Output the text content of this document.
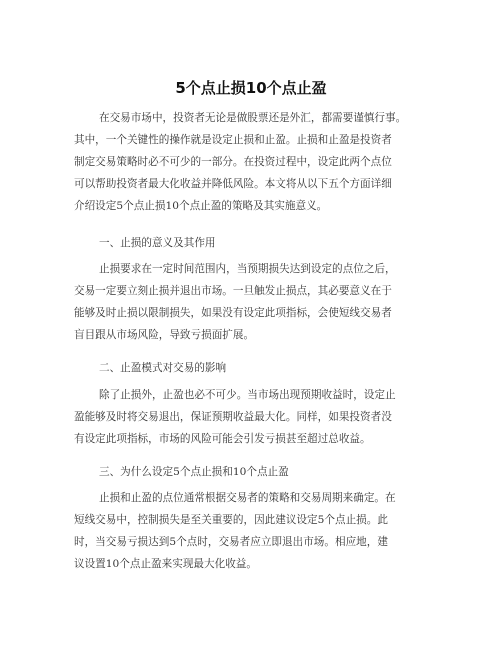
5个点止损10个点止盈
在交易市场中，投资者无论是做股票还是外汇，都需要谨慎行事。
其中，一个关键性的操作就是设定止损和止盈。止损和止盈是投资者
制定交易策略时必不可少的一部分。在投资过程中，设定此两个点位
可以帮助投资者最大化收益并降低风险。本文将从以下五个方面详细
介绍设定5个点止损10个点止盈的策略及其实施意义。
一、止损的意义及其作用
止损要求在一定时间范围内，当预期损失达到设定的点位之后，
交易一定要立刻止损并退出市场。一旦触发止损点，其必要意义在于
能够及时止损以限制损失，如果没有设定此项指标，会使短线交易者
盲目跟从市场风险，导致亏损面扩展。
二、止盈模式对交易的影响
除了止损外，止盈也必不可少。当市场出现预期收益时，设定止
盈能够及时将交易退出，保证预期收益最大化。同样，如果投资者没
有设定此项指标，市场的风险可能会引发亏损甚至超过总收益。
三、为什么设定5个点止损和10个点止盈
止损和止盈的点位通常根据交易者的策略和交易周期来确定。在
短线交易中，控制损失是至关重要的，因此建议设定5个点止损。此
时，当交易亏损达到5个点时，交易者应立即退出市场。相应地，建
议设置10个点止盈来实现最大化收益。
